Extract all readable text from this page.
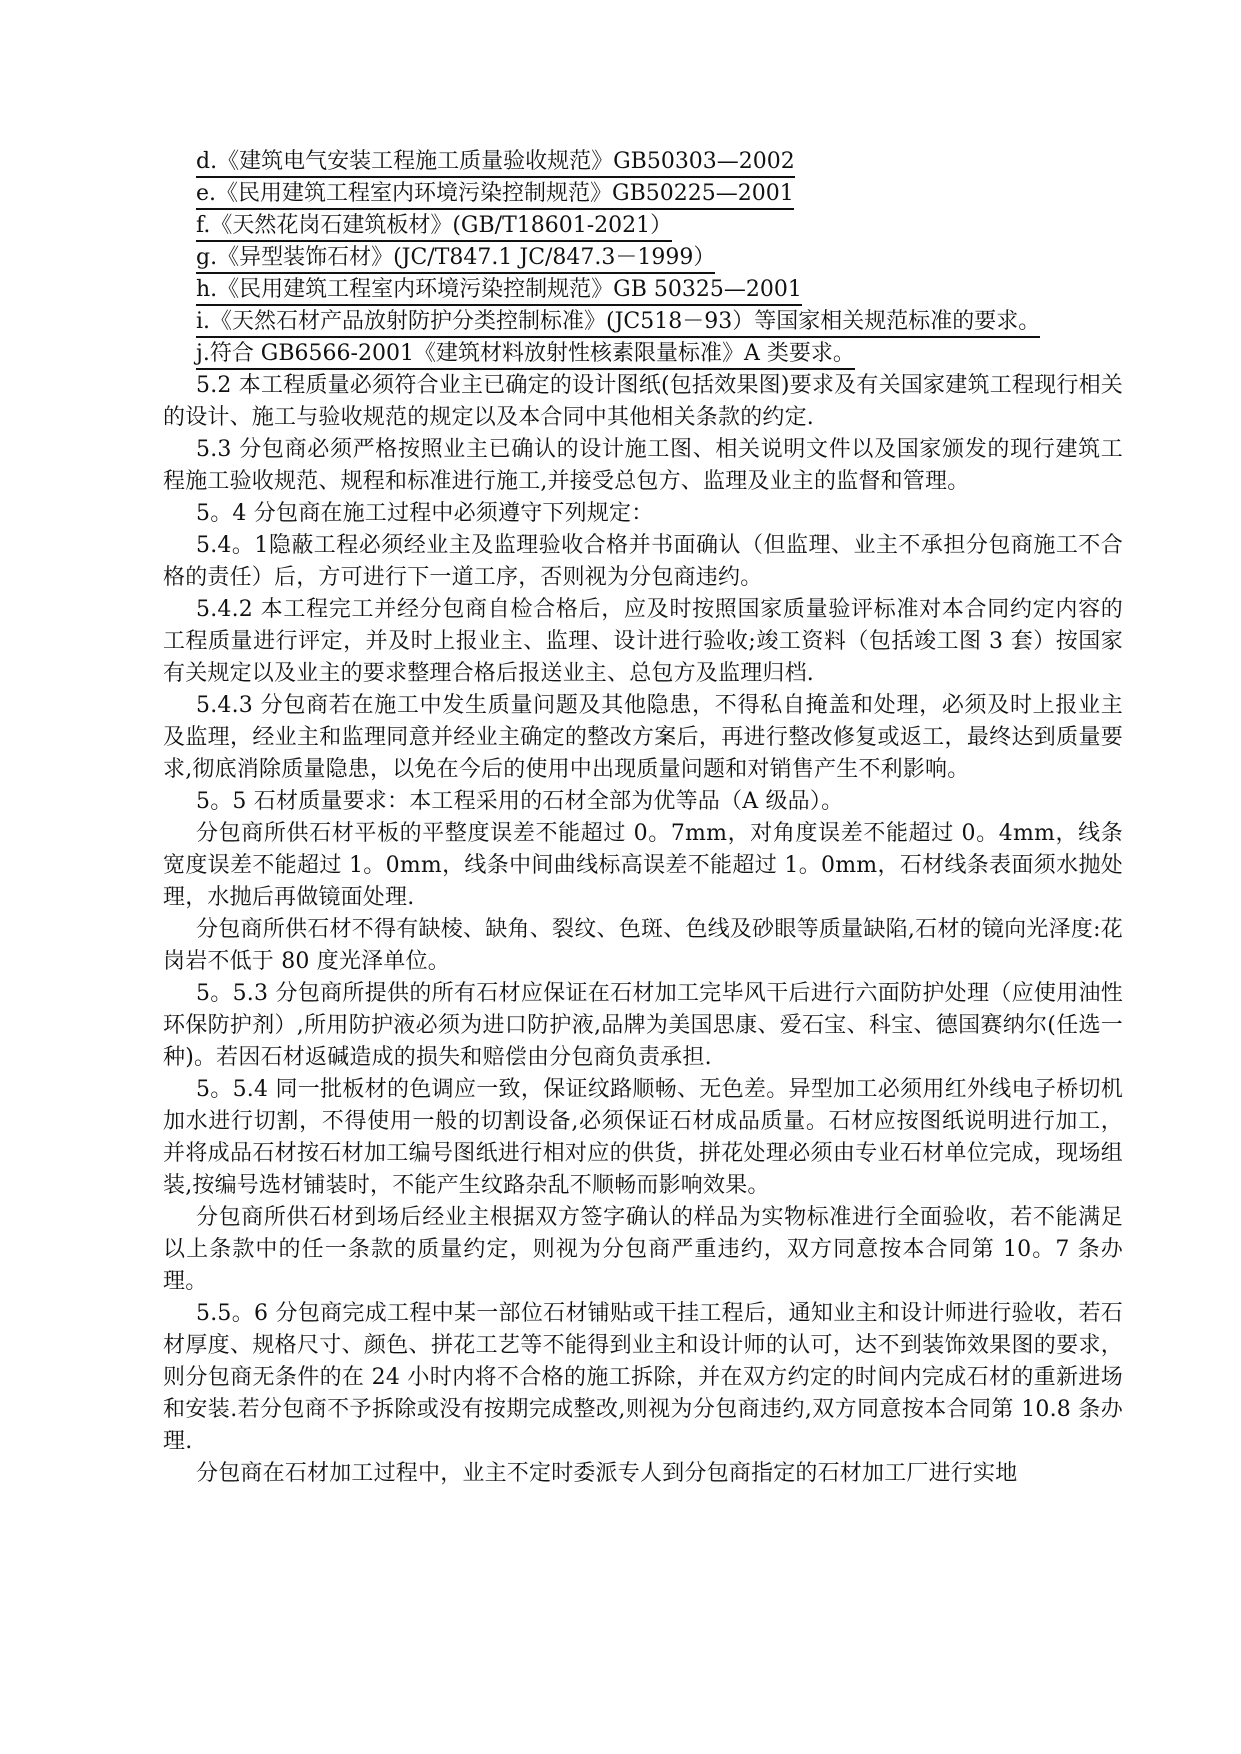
d.《建筑电气安装工程施工质量验收规范》GB50303—2002
e.《民用建筑工程室内环境污染控制规范》GB50225—2001
f.《天然花岗石建筑板材》(GB/T18601-2021）
g.《异型装饰石材》(JC/T847.1 JC/847.3－1999）
h.《民用建筑工程室内环境污染控制规范》GB 50325—2001
i.《天然石材产品放射防护分类控制标准》(JC518－93）等国家相关规范标准的要求。
j.符合 GB6566-2001《建筑材料放射性核素限量标准》A 类要求。

5.2 本工程质量必须符合业主已确定的设计图纸(包括效果图)要求及有关国家建筑工程现行相关的设计、施工与验收规范的规定以及本合同中其他相关条款的约定.

5.3 分包商必须严格按照业主已确认的设计施工图、相关说明文件以及国家颁发的现行建筑工程施工验收规范、规程和标准进行施工,并接受总包方、监理及业主的监督和管理。

5。4 分包商在施工过程中必须遵守下列规定：

5.4。1隐蔽工程必须经业主及监理验收合格并书面确认（但监理、业主不承担分包商施工不合格的责任）后，方可进行下一道工序，否则视为分包商违约。

5.4.2 本工程完工并经分包商自检合格后，应及时按照国家质量验评标准对本合同约定内容的工程质量进行评定，并及时上报业主、监理、设计进行验收;竣工资料（包括竣工图 3 套）按国家有关规定以及业主的要求整理合格后报送业主、总包方及监理归档.

5.4.3 分包商若在施工中发生质量问题及其他隐患，不得私自掩盖和处理，必须及时上报业主及监理，经业主和监理同意并经业主确定的整改方案后，再进行整改修复或返工，最终达到质量要求,彻底消除质量隐患，以免在今后的使用中出现质量问题和对销售产生不利影响。

5。5 石材质量要求：本工程采用的石材全部为优等品（A 级品）。

分包商所供石材平板的平整度误差不能超过 0。7mm，对角度误差不能超过 0。4mm，线条宽度误差不能超过 1。0mm，线条中间曲线标高误差不能超过 1。0mm，石材线条表面须水抛处理，水抛后再做镜面处理.

分包商所供石材不得有缺棱、缺角、裂纹、色斑、色线及砂眼等质量缺陷,石材的镜向光泽度:花岗岩不低于 80 度光泽单位。

5。5.3 分包商所提供的所有石材应保证在石材加工完毕风干后进行六面防护处理（应使用油性环保防护剂）,所用防护液必须为进口防护液,品牌为美国思康、爱石宝、科宝、德国赛纳尔(任选一种)。若因石材返碱造成的损失和赔偿由分包商负责承担.

5。5.4 同一批板材的色调应一致，保证纹路顺畅、无色差。异型加工必须用红外线电子桥切机加水进行切割，不得使用一般的切割设备,必须保证石材成品质量。石材应按图纸说明进行加工，并将成品石材按石材加工编号图纸进行相对应的供货，拼花处理必须由专业石材单位完成，现场组装,按编号选材铺装时，不能产生纹路杂乱不顺畅而影响效果。

分包商所供石材到场后经业主根据双方签字确认的样品为实物标准进行全面验收，若不能满足以上条款中的任一条款的质量约定，则视为分包商严重违约，双方同意按本合同第 10。7 条办理。

5.5。6 分包商完成工程中某一部位石材铺贴或干挂工程后，通知业主和设计师进行验收，若石材厚度、规格尺寸、颜色、拼花工艺等不能得到业主和设计师的认可，达不到装饰效果图的要求，则分包商无条件的在 24 小时内将不合格的施工拆除，并在双方约定的时间内完成石材的重新进场和安装.若分包商不予拆除或没有按期完成整改,则视为分包商违约,双方同意按本合同第 10.8 条办理.

分包商在石材加工过程中，业主不定时委派专人到分包商指定的石材加工厂进行实地
